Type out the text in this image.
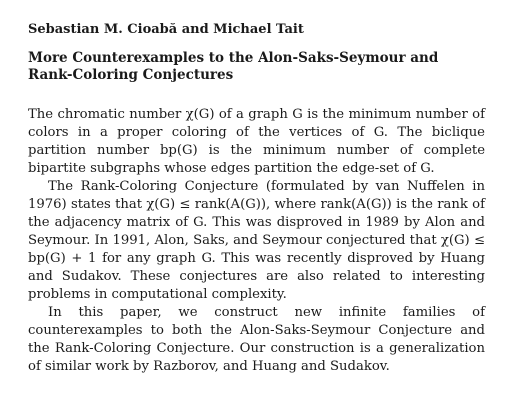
Sebastian M. Cioabă and Michael Tait
More Counterexamples to the Alon-Saks-Seymour and Rank-Coloring Conjectures

The chromatic number χ(G) of a graph G is the minimum number of colors in a proper coloring of the vertices of G. The biclique partition number bp(G) is the minimum number of complete bipartite subgraphs whose edges partition the edge-set of G.

The Rank-Coloring Conjecture (formulated by van Nuffelen in 1976) states that χ(G) ≤ rank(A(G)), where rank(A(G)) is the rank of the adjacency matrix of G. This was disproved in 1989 by Alon and Seymour. In 1991, Alon, Saks, and Seymour conjectured that χ(G) ≤ bp(G) + 1 for any graph G. This was recently disproved by Huang and Sudakov. These conjectures are also related to interesting problems in computational complexity.

In this paper, we construct new infinite families of counterexamples to both the Alon-Saks-Seymour Conjecture and the Rank-Coloring Conjecture. Our construction is a generalization of similar work by Razborov, and Huang and Sudakov.
